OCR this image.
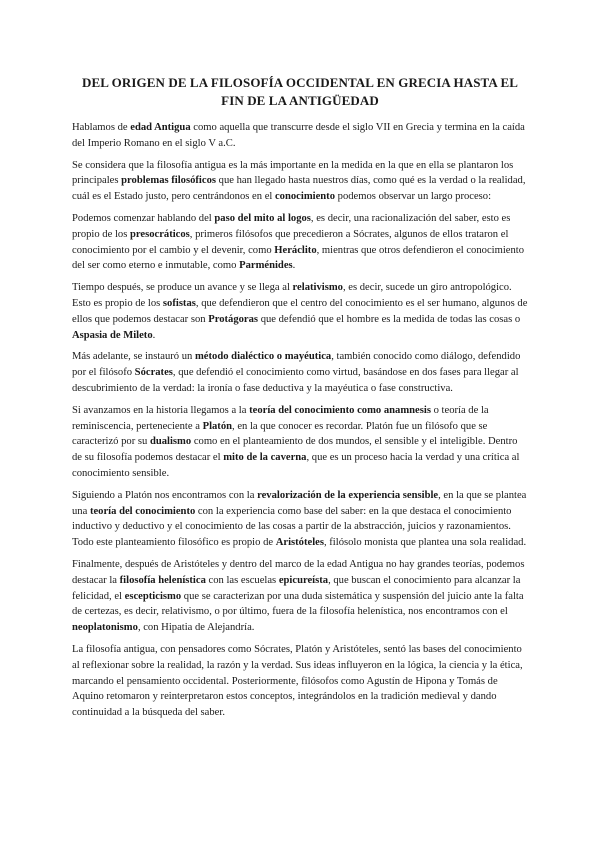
DEL ORIGEN DE LA FILOSOFÍA OCCIDENTAL EN GRECIA HASTA EL FIN DE LA ANTIGÜEDAD

Hablamos de edad Antigua como aquella que transcurre desde el siglo VII en Grecia y termina en la caída del Imperio Romano en el siglo V a.C.

Se considera que la filosofía antigua es la más importante en la medida en la que en ella se plantaron los principales problemas filosóficos que han llegado hasta nuestros días, como qué es la verdad o la realidad, cuál es el Estado justo, pero centrándonos en el conocimiento podemos observar un largo proceso:

Podemos comenzar hablando del paso del mito al logos, es decir, una racionalización del saber, esto es propio de los presocráticos, primeros filósofos que precedieron a Sócrates, algunos de ellos trataron el conocimiento por el cambio y el devenir, como Heráclito, mientras que otros defendieron el conocimiento del ser como eterno e inmutable, como Parménides.

Tiempo después, se produce un avance y se llega al relativismo, es decir, sucede un giro antropológico. Esto es propio de los sofistas, que defendieron que el centro del conocimiento es el ser humano, algunos de ellos que podemos destacar son Protágoras que defendió que el hombre es la medida de todas las cosas o Aspasia de Mileto.

Más adelante, se instauró un método dialéctico o mayéutica, también conocido como diálogo, defendido por el filósofo Sócrates, que defendió el conocimiento como virtud, basándose en dos fases para llegar al descubrimiento de la verdad: la ironía o fase deductiva y la mayéutica o fase constructiva.

Si avanzamos en la historia llegamos a la teoría del conocimiento como anamnesis o teoría de la reminiscencia, perteneciente a Platón, en la que conocer es recordar. Platón fue un filósofo que se caracterizó por su dualismo como en el planteamiento de dos mundos, el sensible y el inteligible. Dentro de su filosofía podemos destacar el mito de la caverna, que es un proceso hacia la verdad y una crítica al conocimiento sensible.

Siguiendo a Platón nos encontramos con la revalorización de la experiencia sensible, en la que se plantea una teoría del conocimiento con la experiencia como base del saber: en la que destaca el conocimiento inductivo y deductivo y el conocimiento de las cosas a partir de la abstracción, juicios y razonamientos. Todo este planteamiento filosófico es propio de Aristóteles, filósolo monista que plantea una sola realidad.

Finalmente, después de Aristóteles y dentro del marco de la edad Antigua no hay grandes teorías, podemos destacar la filosofía helenística con las escuelas epicureísta, que buscan el conocimiento para alcanzar la felicidad, el escepticismo que se caracterizan por una duda sistemática y suspensión del juicio ante la falta de certezas, es decir, relativismo, o por último, fuera de la filosofía helenística, nos encontramos con el neoplatonismo, con Hipatia de Alejandría.

La filosofía antigua, con pensadores como Sócrates, Platón y Aristóteles, sentó las bases del conocimiento al reflexionar sobre la realidad, la razón y la verdad. Sus ideas influyeron en la lógica, la ciencia y la ética, marcando el pensamiento occidental. Posteriormente, filósofos como Agustín de Hipona y Tomás de Aquino retomaron y reinterpretaron estos conceptos, integrándolos en la tradición medieval y dando continuidad a la búsqueda del saber.
